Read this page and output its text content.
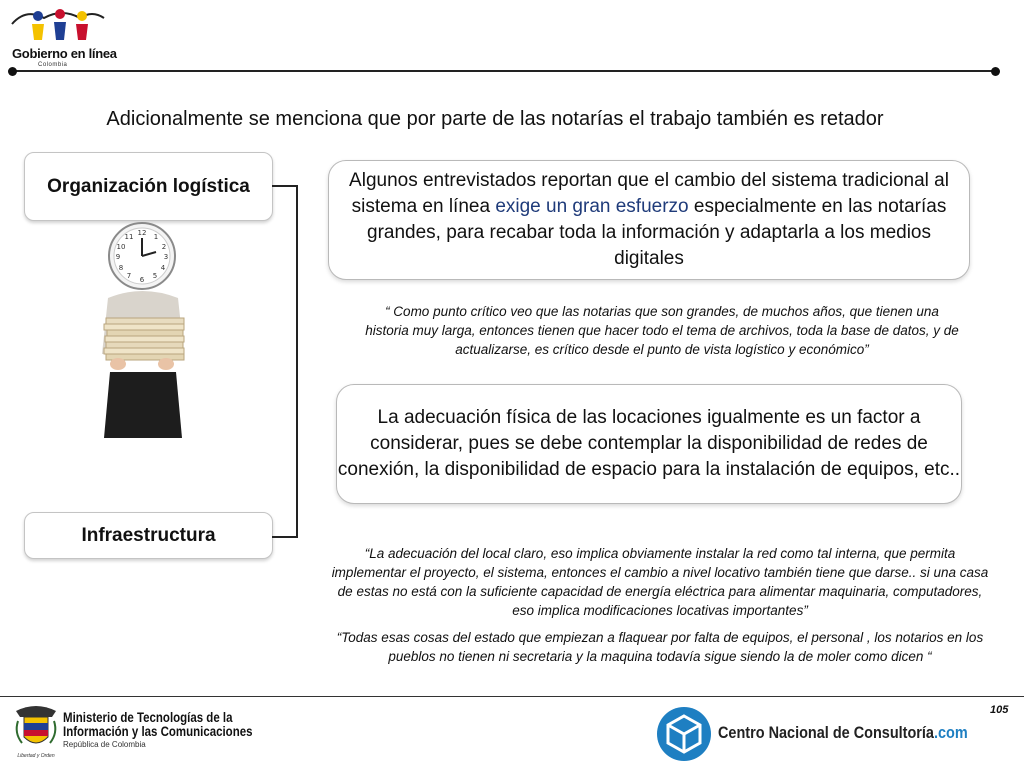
Gobierno en línea
Colombia
Adicionalmente se menciona que por parte de las notarías el trabajo también es retador
Organización logística
12 1
2
3
4
5
6
7
8
9
10
11
Infraestructura
Algunos entrevistados reportan que el cambio del sistema tradicional al sistema en línea exige un gran esfuerzo especialmente en las notarías grandes, para recabar toda la información y adaptarla a los medios digitales
“ Como punto crítico veo que las notarias que son grandes, de muchos años, que tienen una historia muy larga, entonces tienen que hacer todo el tema de archivos, toda la base de datos, y de actualizarse, es crítico desde el punto de vista logístico y económico”
La adecuación física de las locaciones igualmente es un factor a considerar, pues se debe contemplar la disponibilidad de redes de conexión, la disponibilidad de espacio para la instalación de equipos, etc..
“La adecuación del local claro, eso implica obviamente instalar la red como tal interna, que permita implementar el proyecto, el sistema, entonces el cambio a nivel locativo también tiene que darse.. si una casa de estas no está con la suficiente capacidad de energía eléctrica para alimentar maquinaria, computadores, eso implica modificaciones locativas importantes”
“Todas esas cosas del estado que empiezan a flaquear por falta de equipos, el personal , los notarios en los pueblos no tienen ni secretaria y la maquina todavía sigue siendo la de moler como dicen “
105
Libertad y Orden
Ministerio de Tecnologías de la
Información y las Comunicaciones
República de Colombia
Centro Nacional de Consultoría.com
